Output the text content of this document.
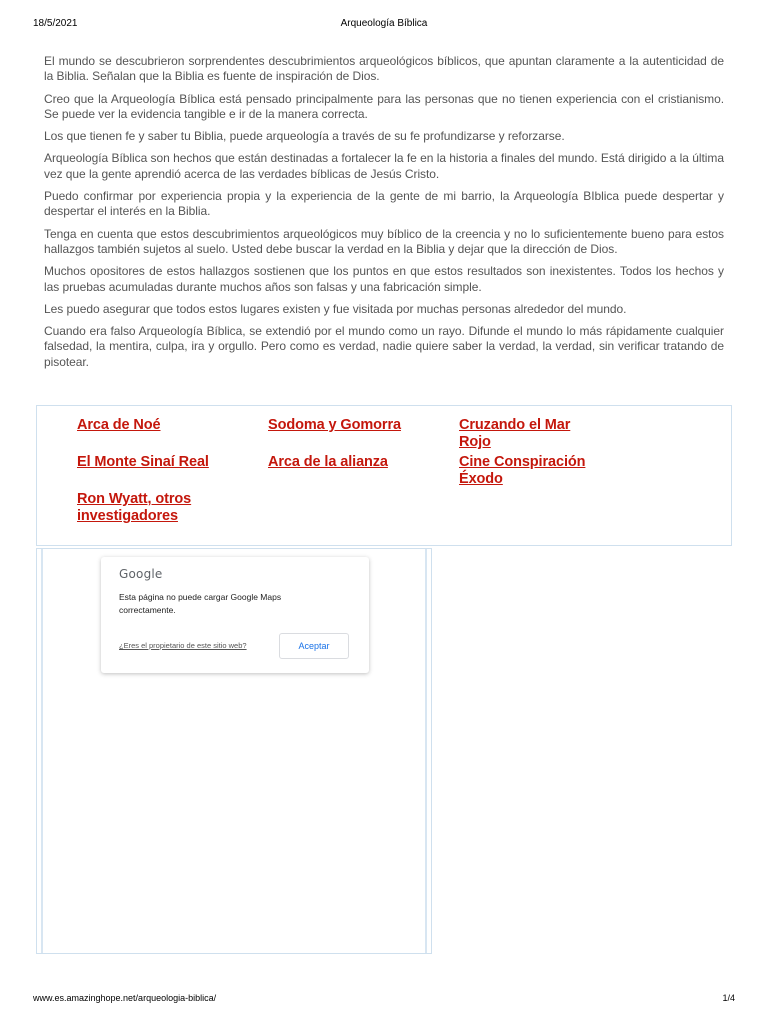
18/5/2021	Arqueología Bíblica

El mundo se descubrieron sorprendentes descubrimientos arqueológicos bíblicos, que apuntan claramente a la autenticidad de la Biblia. Señalan que la Biblia es fuente de inspiración de Dios.

Creo que la Arqueología Bíblica está pensado principalmente para las personas que no tienen experiencia con el cristianismo. Se puede ver la evidencia tangible e ir de la manera correcta.

Los que tienen fe y saber tu Biblia, puede arqueología a través de su fe profundizarse y reforzarse.

Arqueología Bíblica son hechos que están destinadas a fortalecer la fe en la historia a finales del mundo. Está dirigido a la última vez que la gente aprendió acerca de las verdades bíblicas de Jesús Cristo.

Puedo confirmar por experiencia propia y la experiencia de la gente de mi barrio, la Arqueología BIblica puede despertar y despertar el interés en la Biblia.

Tenga en cuenta que estos descubrimientos arqueológicos muy bíblico de la creencia y no lo suficientemente bueno para estos hallazgos también sujetos al suelo. Usted debe buscar la verdad en la Biblia y dejar que la dirección de Dios.

Muchos opositores de estos hallazgos sostienen que los puntos en que estos resultados son inexistentes. Todos los hechos y las pruebas acumuladas durante muchos años son falsas y una fabricación simple.

Les puedo asegurar que todos estos lugares existen y fue visitada por muchas personas alrededor del mundo.

Cuando era falso Arqueología Bíblica, se extendió por el mundo como un rayo. Difunde el mundo lo más rápidamente cualquier falsedad, la mentira, culpa, ira y orgullo. Pero como es verdad, nadie quiere saber la verdad, la verdad, sin verificar tratando de pisotear.

Arca de Noé	Sodoma y Gomorra	Cruzando el Mar
Rojo
El Monte Sinaí Real	Arca de la alianza	Cine Conspiración
Éxodo
Ron Wyatt, otros
investigadores
Google
Esta página no puede cargar Google Maps
correctamente.
¿Eres el propietario de este sitio web?	Aceptar
www.es.amazinghope.net/arqueologia-biblica/	1/4
